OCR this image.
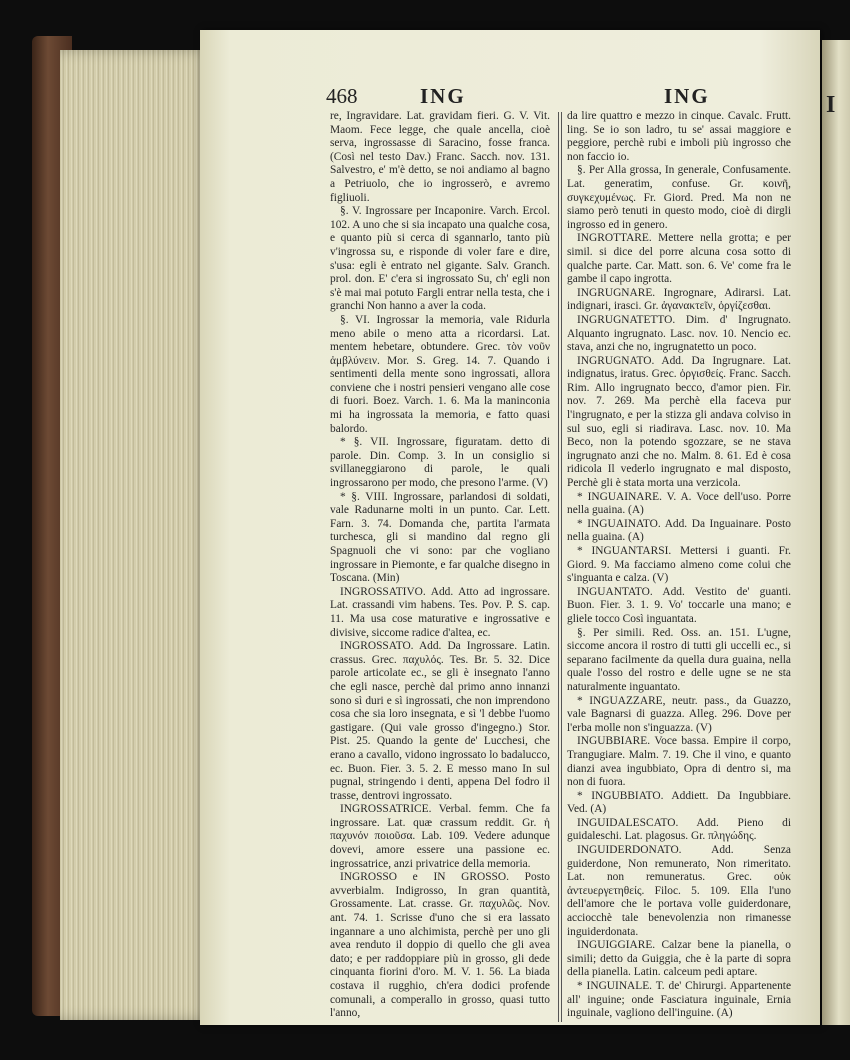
I
468	ING	ING

re, Ingravidare. Lat. gravidam fieri. G. V. Vit. Maom. Fece legge, che quale ancella, cioè serva, ingrossasse di Saracino, fosse franca. (Così nel testo Dav.) Franc. Sacch. nov. 131. Salvestro, e' m'è detto, se noi andiamo al bagno a Petriuolo, che io ingrosserò, e avremo figliuoli.

§. V. Ingrossare per Incaponire. Varch. Ercol. 102. A uno che si sia incapato una qualche cosa, e quanto più si cerca di sgannarlo, tanto più v'ingrossa su, e risponde di voler fare e dire, s'usa: egli è entrato nel gigante. Salv. Granch. prol. don. E' c'era si ingrossato Su, ch' egli non s'è mai mai potuto Fargli entrar nella testa, che i granchi Non hanno a aver la coda.

§. VI. Ingrossar la memoria, vale Ridurla meno abile o meno atta a ricordarsi. Lat. mentem hebetare, obtundere. Grec. τὸν νοῦν ἀμβλύνειν. Mor. S. Greg. 14. 7. Quando i sentimenti della mente sono ingrossati, allora conviene che i nostri pensieri vengano alle cose di fuori. Boez. Varch. 1. 6. Ma la maninconia mi ha ingrossata la memoria, e fatto quasi balordo.

* §. VII. Ingrossare, figuratam. detto di parole. Din. Comp. 3. In un consiglio si svillaneggiarono di parole, le quali ingrossarono per modo, che presono l'arme. (V)

* §. VIII. Ingrossare, parlandosi di soldati, vale Radunarne molti in un punto. Car. Lett. Farn. 3. 74. Domanda che, partita l'armata turchesca, gli si mandino dal regno gli Spagnuoli che vi sono: par che vogliano ingrossare in Piemonte, e far qualche disegno in Toscana. (Min)

INGROSSATIVO. Add. Atto ad ingrossare. Lat. crassandi vim habens. Tes. Pov. P. S. cap. 11. Ma usa cose maturative e ingrossative e divisive, siccome radice d'altea, ec.

INGROSSATO. Add. Da Ingrossare. Latin. crassus. Grec. παχυλός. Tes. Br. 5. 32. Dice parole articolate ec., se gli è insegnato l'anno che egli nasce, perchè dal primo anno innanzi sono sì duri e sì ingrossati, che non imprendono cosa che sia loro insegnata, e sì 'l debbe l'uomo gastigare. (Qui vale grosso d'ingegno.) Stor. Pist. 25. Quando la gente de' Lucchesi, che erano a cavallo, vidono ingrossato lo badalucco, ec. Buon. Fier. 3. 5. 2. E messo mano In sul pugnal, stringendo i denti, appena Del fodro il trasse, dentrovi ingrossato.

INGROSSATRICE. Verbal. femm. Che fa ingrossare. Lat. quæ crassum reddit. Gr. ἡ παχυνόν ποιοῦσα. Lab. 109. Vedere adunque dovevi, amore essere una passione ec. ingrossatrice, anzi privatrice della memoria.

INGROSSO e IN GROSSO. Posto avverbialm. Indigrosso, In gran quantità, Grossamente. Lat. crasse. Gr. παχυλῶς. Nov. ant. 74. 1. Scrisse d'uno che si era lassato ingannare a uno alchimista, perchè per uno gli avea renduto il doppio di quello che gli avea dato; e per raddoppiare più in grosso, gli dede cinquanta fiorini d'oro. M. V. 1. 56. La biada costava il rugghio, ch'era dodici profende comunali, a comperallo in grosso, quasi tutto l'anno,

da lire quattro e mezzo in cinque. Cavalc. Frutt. ling. Se io son ladro, tu se' assai maggiore e peggiore, perchè rubi e imboli più ingrosso che non faccio io.

§. Per Alla grossa, In generale, Confusamente. Lat. generatim, confuse. Gr. κοινῆ, συγκεχυμένως. Fr. Giord. Pred. Ma non ne siamo però tenuti in questo modo, cioè di dirgli ingrosso ed in genero.

INGROTTARE. Mettere nella grotta; e per simil. si dice del porre alcuna cosa sotto di qualche parte. Car. Matt. son. 6. Ve' come fra le gambe il capo ingrotta.

INGRUGNARE. Ingrognare, Adirarsi. Lat. indignari, irasci. Gr. ἀγανακτεῖν, ὀργίζεσθαι.

INGRUGNATETTO. Dim. d' Ingrugnato. Alquanto ingrugnato. Lasc. nov. 10. Nencio ec. stava, anzi che no, ingrugnatetto un poco.

INGRUGNATO. Add. Da Ingrugnare. Lat. indignatus, iratus. Grec. ὀργισθείς. Franc. Sacch. Rim. Allo ingrugnato becco, d'amor pien. Fir. nov. 7. 269. Ma perchè ella faceva pur l'ingrugnato, e per la stizza gli andava colviso in sul suo, egli si riadirava. Lasc. nov. 10. Ma Beco, non la potendo sgozzare, se ne stava ingrugnato anzi che no. Malm. 8. 61. Ed è cosa ridicola Il vederlo ingrugnato e mal disposto, Perchè gli è stata morta una verzicola.

* INGUAINARE. V. A. Voce dell'uso. Porre nella guaina. (A)

* INGUAINATO. Add. Da Inguainare. Posto nella guaina. (A)

* INGUANTARSI. Mettersi i guanti. Fr. Giord. 9. Ma facciamo almeno come colui che s'inguanta e calza. (V)

INGUANTATO. Add. Vestito de' guanti. Buon. Fier. 3. 1. 9. Vo' toccarle una mano; e gliele tocco Così inguantata.

§. Per simili. Red. Oss. an. 151. L'ugne, siccome ancora il rostro di tutti gli uccelli ec., si separano facilmente da quella dura guaina, nella quale l'osso del rostro e delle ugne se ne sta naturalmente inguantato.

* INGUAZZARE, neutr. pass., da Guazzo, vale Bagnarsi di guazza. Alleg. 296. Dove per l'erba molle non s'inguazza. (V)

INGUBBIARE. Voce bassa. Empire il corpo, Trangugiare. Malm. 7. 19. Che il vino, e quanto dianzi avea ingubbiato, Opra di dentro si, ma non di fuora.

* INGUBBIATO. Addiett. Da Ingubbiare. Ved. (A)

INGUIDALESCATO. Add. Pieno di guidaleschi. Lat. plagosus. Gr. πληγώδης.

INGUIDERDONATO. Add. Senza guiderdone, Non remunerato, Non rimeritato. Lat. non remuneratus. Grec. οὐκ ἀντευεργετηθείς. Filoc. 5. 109. Ella l'uno dell'amore che le portava volle guiderdonare, acciocchè tale benevolenzia non rimanesse inguiderdonata.

INGUIGGIARE. Calzar bene la pianella, o simili; detto da Guiggia, che è la parte di sopra della pianella. Latin. calceum pedi aptare.

* INGUINALE. T. de' Chirurgi. Appartenente all' inguine; onde Fasciatura inguinale, Ernia inguinale, vagliono dell'inguine. (A)
